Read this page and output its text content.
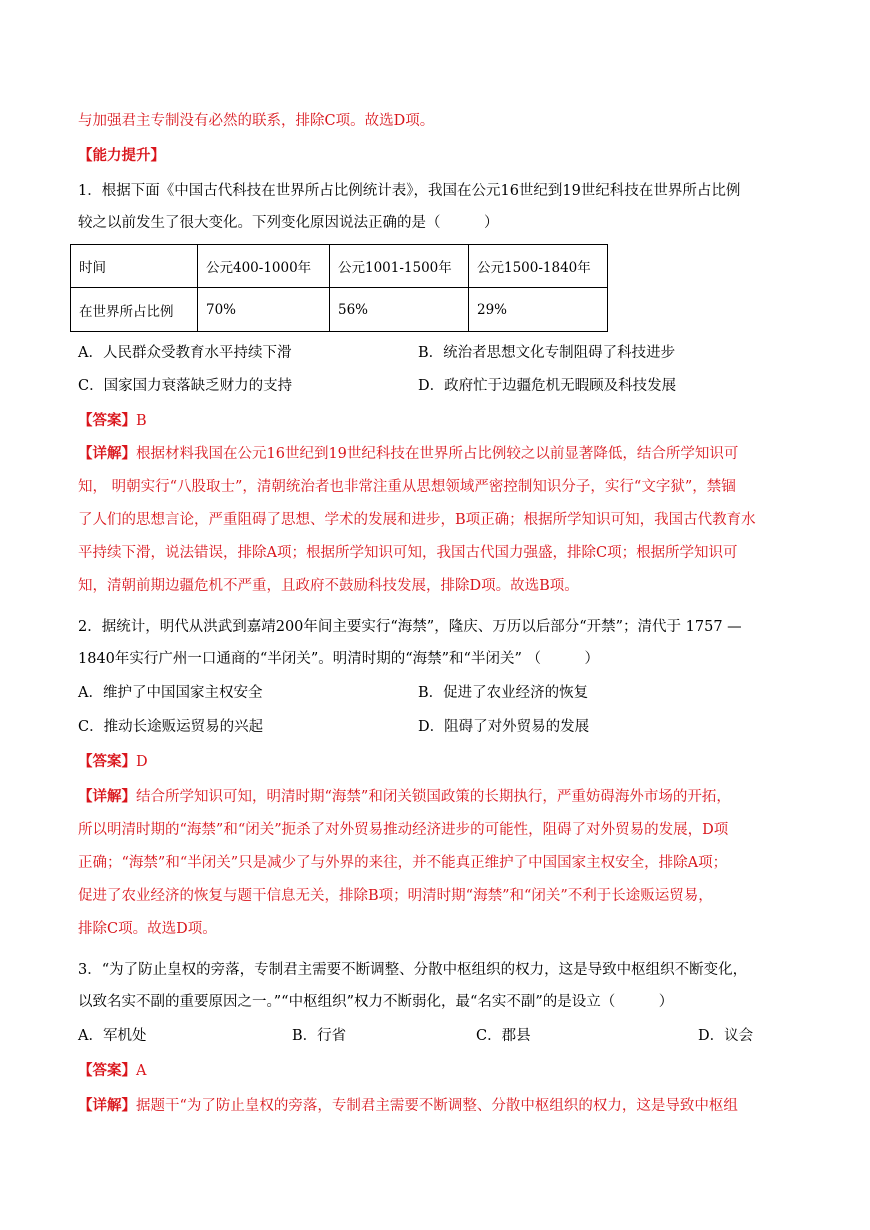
与加强君主专制没有必然的联系，排除C项。故选D项。
【能力提升】
1．根据下面《中国古代科技在世界所占比例统计表》，我国在公元16世纪到19世纪科技在世界所占比例
较之以前发生了很大变化。下列变化原因说法正确的是（　　　）
时间	公元400-1000年	公元1001-1500年	公元1500-1840年
在世界所占比例	70%	56%	29%
A．人民群众受教育水平持续下滑	B．统治者思想文化专制阻碍了科技进步
C．国家国力衰落缺乏财力的支持	D．政府忙于边疆危机无暇顾及科技发展
【答案】B
【详解】根据材料我国在公元16世纪到19世纪科技在世界所占比例较之以前显著降低，结合所学知识可
知， 明朝实行“八股取士”，清朝统治者也非常注重从思想领域严密控制知识分子，实行“文字狱”，禁锢
了人们的思想言论，严重阻碍了思想、学术的发展和进步，B项正确；根据所学知识可知，我国古代教育水
平持续下滑，说法错误，排除A项；根据所学知识可知，我国古代国力强盛，排除C项；根据所学知识可
知，清朝前期边疆危机不严重，且政府不鼓励科技发展，排除D项。故选B项。
2．据统计，明代从洪武到嘉靖200年间主要实行“海禁”，隆庆、万历以后部分“开禁”；清代于 1757 —
1840年实行广州一口通商的“半闭关”。明清时期的“海禁”和“半闭关” （　　　）
A．维护了中国国家主权安全	B．促进了农业经济的恢复
C．推动长途贩运贸易的兴起	D．阻碍了对外贸易的发展
【答案】D
【详解】结合所学知识可知，明清时期“海禁”和闭关锁国政策的长期执行，严重妨碍海外市场的开拓，
所以明清时期的“海禁”和“闭关”扼杀了对外贸易推动经济进步的可能性，阻碍了对外贸易的发展，D项
正确；“海禁”和“半闭关”只是减少了与外界的来往，并不能真正维护了中国国家主权安全，排除A项；
促进了农业经济的恢复与题干信息无关，排除B项；明清时期“海禁”和“闭关”不利于长途贩运贸易，
排除C项。故选D项。
3．“为了防止皇权的旁落，专制君主需要不断调整、分散中枢组织的权力，这是导致中枢组织不断变化，
以致名实不副的重要原因之一。”“中枢组织”权力不断弱化，最“名实不副”的是设立（　　　）
A．军机处	B．行省	C．郡县	D．议会
【答案】A
【详解】据题干“为了防止皇权的旁落，专制君主需要不断调整、分散中枢组织的权力，这是导致中枢组
